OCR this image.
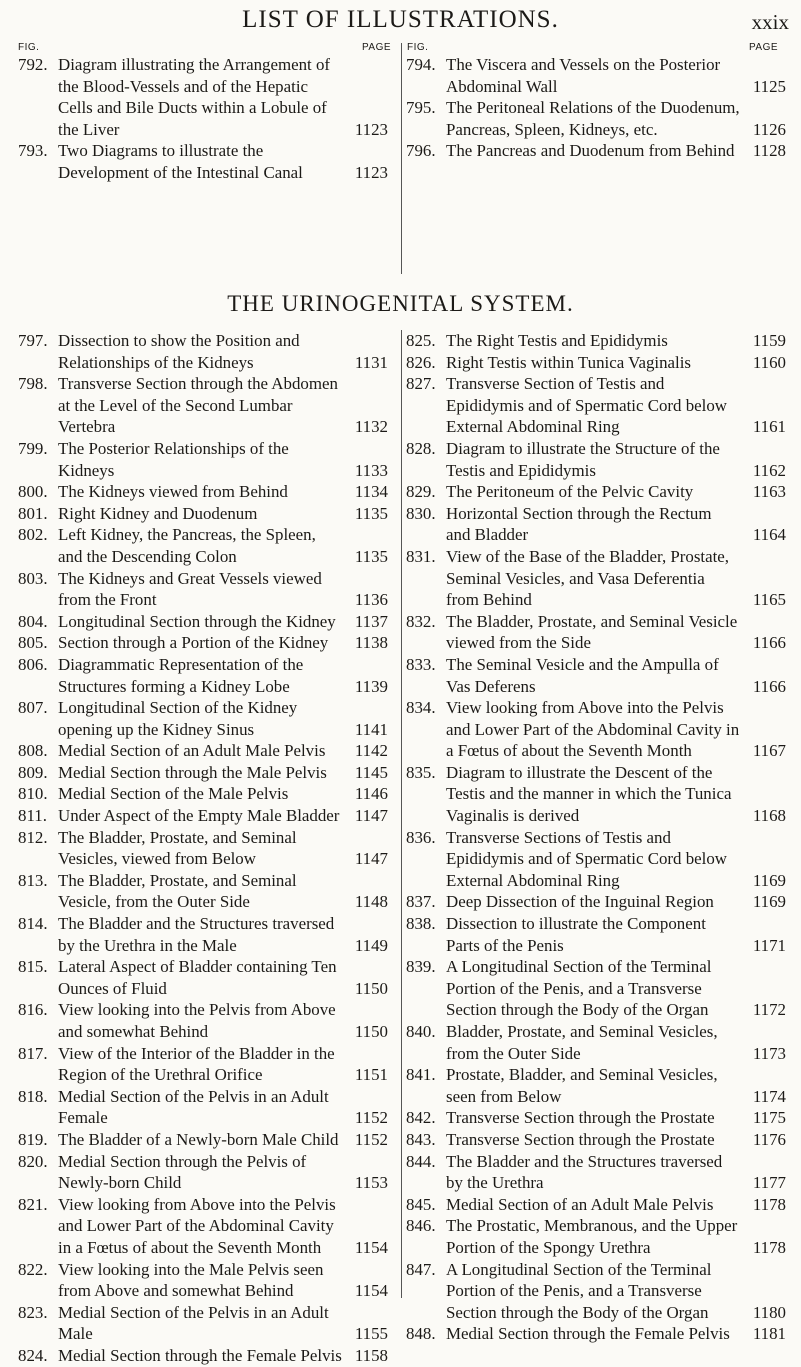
LIST OF ILLUSTRATIONS.	xxix
FIG.	PAGE FIG.	PAGE
792. Diagram illustrating the Arrangement of the Blood-Vessels and of the Hepatic Cells and Bile Ducts within a Lobule of the Liver	1123
793. Two Diagrams to illustrate the Development of the Intestinal Canal	1123
794. The Viscera and Vessels on the Posterior Abdominal Wall	1125
795. The Peritoneal Relations of the Duodenum, Pancreas, Spleen, Kidneys, etc.	1126
796. The Pancreas and Duodenum from Behind	1128
THE URINOGENITAL SYSTEM.
797. Dissection to show the Position and Relationships of the Kidneys	1131
798. Transverse Section through the Abdomen at the Level of the Second Lumbar Vertebra	1132
799. The Posterior Relationships of the Kidneys	1133
800. The Kidneys viewed from Behind	1134
801. Right Kidney and Duodenum	1135
802. Left Kidney, the Pancreas, the Spleen, and the Descending Colon	1135
803. The Kidneys and Great Vessels viewed from the Front	1136
804. Longitudinal Section through the Kidney	1137
805. Section through a Portion of the Kidney	1138
806. Diagrammatic Representation of the Structures forming a Kidney Lobe	1139
807. Longitudinal Section of the Kidney opening up the Kidney Sinus	1141
808. Medial Section of an Adult Male Pelvis	1142
809. Medial Section through the Male Pelvis	1145
810. Medial Section of the Male Pelvis	1146
811. Under Aspect of the Empty Male Bladder 1147
812. The Bladder, Prostate, and Seminal Vesicles, viewed from Below	1147
813. The Bladder, Prostate, and Seminal Vesicle, from the Outer Side	1148
814. The Bladder and the Structures traversed by the Urethra in the Male	1149
815. Lateral Aspect of Bladder containing Ten Ounces of Fluid	1150
816. View looking into the Pelvis from Above and somewhat Behind	1150
817. View of the Interior of the Bladder in the Region of the Urethral Orifice	1151
818. Medial Section of the Pelvis in an Adult Female	1152
819. The Bladder of a Newly-born Male Child 1152
820. Medial Section through the Pelvis of Newly-born Child	1153
821. View looking from Above into the Pelvis and Lower Part of the Abdominal Cavity in a Fœtus of about the Seventh Month	1154
822. View looking into the Male Pelvis seen from Above and somewhat Behind	1154
823. Medial Section of the Pelvis in an Adult Male	1155
824. Medial Section through the Female Pelvis 1158
825. The Right Testis and Epididymis	1159
826. Right Testis within Tunica Vaginalis	1160
827. Transverse Section of Testis and Epididymis and of Spermatic Cord below External Abdominal Ring	1161
828. Diagram to illustrate the Structure of the Testis and Epididymis	1162
829. The Peritoneum of the Pelvic Cavity	1163
830. Horizontal Section through the Rectum and Bladder	1164
831. View of the Base of the Bladder, Prostate, Seminal Vesicles, and Vasa Deferentia from Behind	1165
832. The Bladder, Prostate, and Seminal Vesicle viewed from the Side	1166
833. The Seminal Vesicle and the Ampulla of Vas Deferens	1166
834. View looking from Above into the Pelvis and Lower Part of the Abdominal Cavity in a Fœtus of about the Seventh Month	1167
835. Diagram to illustrate the Descent of the Testis and the manner in which the Tunica Vaginalis is derived	1168
836. Transverse Sections of Testis and Epididymis and of Spermatic Cord below External Abdominal Ring	1169
837. Deep Dissection of the Inguinal Region	1169
838. Dissection to illustrate the Component Parts of the Penis	1171
839. A Longitudinal Section of the Terminal Portion of the Penis, and a Transverse Section through the Body of the Organ	1172
840. Bladder, Prostate, and Seminal Vesicles, from the Outer Side	1173
841. Prostate, Bladder, and Seminal Vesicles, seen from Below	1174
842. Transverse Section through the Prostate	1175
843. Transverse Section through the Prostate	1176
844. The Bladder and the Structures traversed by the Urethra	1177
845. Medial Section of an Adult Male Pelvis	1178
846. The Prostatic, Membranous, and the Upper Portion of the Spongy Urethra	1178
847. A Longitudinal Section of the Terminal Portion of the Penis, and a Transverse Section through the Body of the Organ	1180
848. Medial Section through the Female Pelvis	1181
